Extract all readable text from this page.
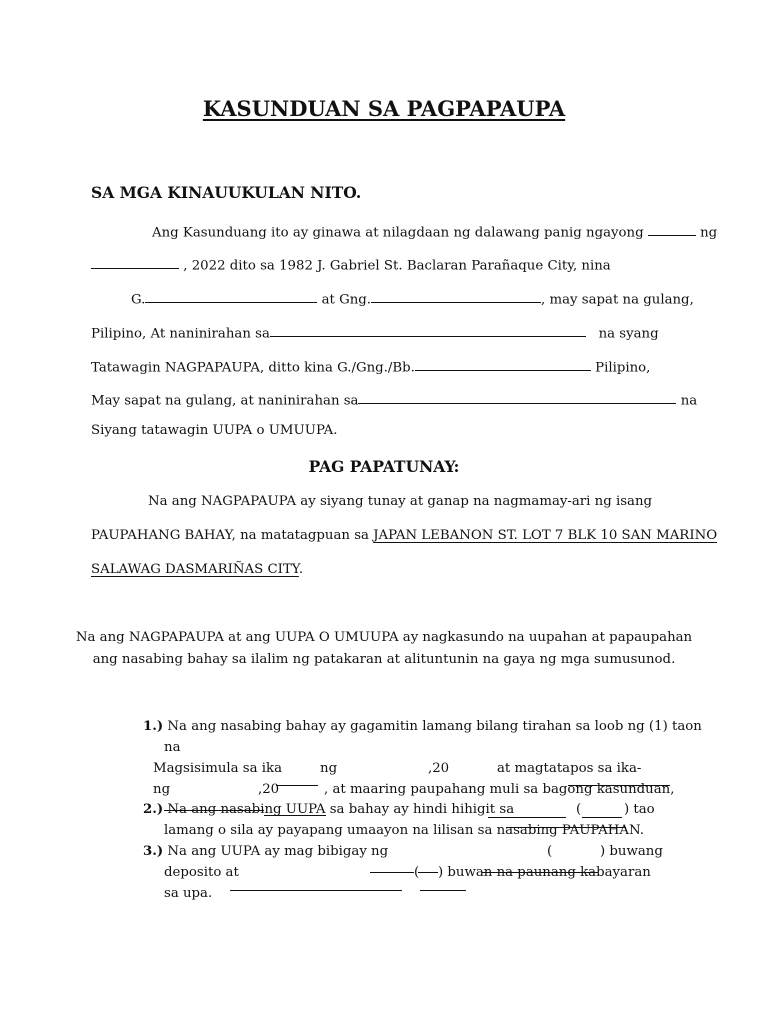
KASUNDUAN SA PAGPAPAUPA
SA MGA KINAUUKULAN NITO.
Ang Kasunduang ito ay ginawa at nilagdaan ng dalawang panig ngayong	ng
, 2022 dito sa 1982 J. Gabriel St. Baclaran Parañaque City, nina
G.	at Gng.	, may sapat na gulang,
Pilipino, At naninirahan sa	na syang
Tatawagin NAGPAPAUPA, ditto kina G./Gng./Bb.	Pilipino,
May sapat na gulang, at naninirahan sa	na
Siyang tatawagin UUPA o UMUUPA.
PAG PAPATUNAY:
Na ang NAGPAPAUPA ay siyang tunay at ganap na nagmamay-ari ng isang
PAUPAHANG BAHAY, na matatagpuan sa JAPAN LEBANON ST. LOT 7 BLK 10 SAN MARINO
SALAWAG DASMARIÑAS CITY.
Na ang NAGPAPAUPA at ang UUPA O UMUUPA ay nagkasundo na uupahan at papaupahan
ang nasabing bahay sa ilalim ng patakaran at alituntunin na gaya ng mga sumusunod.
1.) Na ang nasabing bahay ay gagamitin lamang bilang tirahan sa loob ng (1) taon
na
Magsisimula sa ika	ng	,20	at magtatapos sa ika-
ng	,20	, at maaring paupahang muli sa bagong kasunduan,
2.) Na ang nasabing UUPA sa bahay ay hindi hihigit sa	(	) tao
lamang o sila ay payapang umaayon na lilisan sa nasabing PAUPAHAN.
3.) Na ang UUPA ay mag bibigay ng	(	) buwang
deposito at	( ) buwan na paunang kabayaran
sa upa.
